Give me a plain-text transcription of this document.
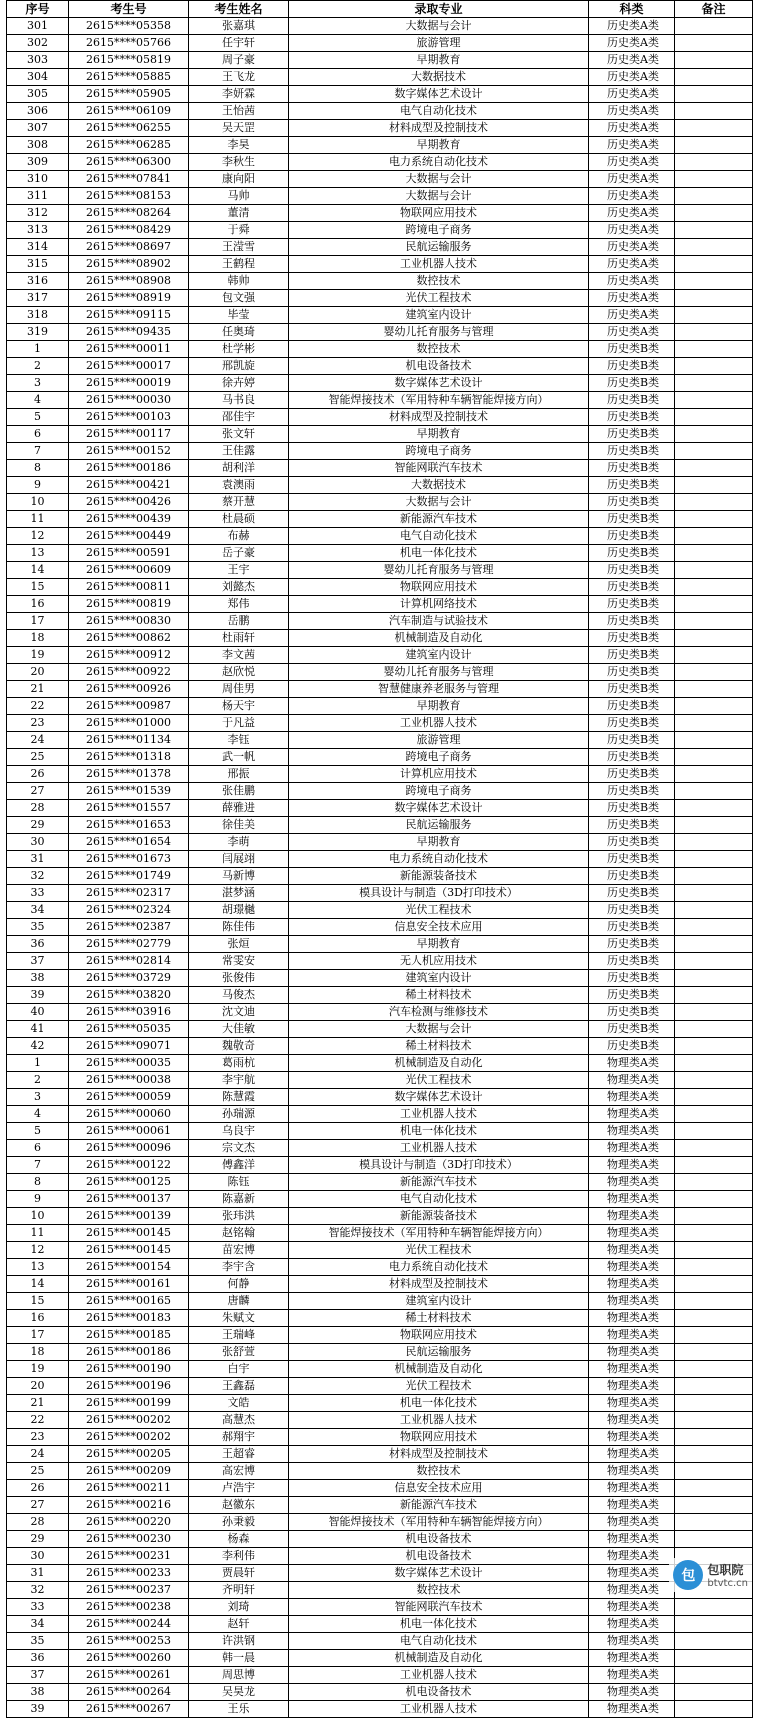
序号	考生号	考生姓名	录取专业	科类	备注
301	2615****05358	张嘉琪	大数据与会计	历史类A类	
302	2615****05766	任宇轩	旅游管理	历史类A类	
303	2615****05819	周子豪	早期教育	历史类A类	
304	2615****05885	王飞龙	大数据技术	历史类A类	
305	2615****05905	李妍霖	数字媒体艺术设计	历史类A类	
306	2615****06109	王怡茜	电气自动化技术	历史类A类	
307	2615****06255	吴天罡	材料成型及控制技术	历史类A类	
308	2615****06285	李昊	早期教育	历史类A类	
309	2615****06300	李秋生	电力系统自动化技术	历史类A类	
310	2615****07841	康向阳	大数据与会计	历史类A类	
311	2615****08153	马帅	大数据与会计	历史类A类	
312	2615****08264	董清	物联网应用技术	历史类A类	
313	2615****08429	于舜	跨境电子商务	历史类A类	
314	2615****08697	王滢雪	民航运输服务	历史类A类	
315	2615****08902	王鹤程	工业机器人技术	历史类A类	
316	2615****08908	韩帅	数控技术	历史类A类	
317	2615****08919	包文强	光伏工程技术	历史类A类	
318	2615****09115	毕莹	建筑室内设计	历史类A类	
319	2615****09435	任奥琦	婴幼儿托育服务与管理	历史类A类	
1	2615****00011	杜学彬	数控技术	历史类B类	
2	2615****00017	邢凯旋	机电设备技术	历史类B类	
3	2615****00019	徐卉婷	数字媒体艺术设计	历史类B类	
4	2615****00030	马书良	智能焊接技术（军用特种车辆智能焊接方向）	历史类B类	
5	2615****00103	邵佳宇	材料成型及控制技术	历史类B类	
6	2615****00117	张文轩	早期教育	历史类B类	
7	2615****00152	王佳露	跨境电子商务	历史类B类	
8	2615****00186	胡利洋	智能网联汽车技术	历史类B类	
9	2615****00421	袁澳雨	大数据技术	历史类B类	
10	2615****00426	蔡开慧	大数据与会计	历史类B类	
11	2615****00439	杜晨硕	新能源汽车技术	历史类B类	
12	2615****00449	布赫	电气自动化技术	历史类B类	
13	2615****00591	岳子豪	机电一体化技术	历史类B类	
14	2615****00609	王宇	婴幼儿托育服务与管理	历史类B类	
15	2615****00811	刘懿杰	物联网应用技术	历史类B类	
16	2615****00819	郑伟	计算机网络技术	历史类B类	
17	2615****00830	岳鹏	汽车制造与试验技术	历史类B类	
18	2615****00862	杜雨轩	机械制造及自动化	历史类B类	
19	2615****00912	李文茜	建筑室内设计	历史类B类	
20	2615****00922	赵欣悦	婴幼儿托育服务与管理	历史类B类	
21	2615****00926	周佳男	智慧健康养老服务与管理	历史类B类	
22	2615****00987	杨天宇	早期教育	历史类B类	
23	2615****01000	于凡益	工业机器人技术	历史类B类	
24	2615****01134	李钰	旅游管理	历史类B类	
25	2615****01318	武一帆	跨境电子商务	历史类B类	
26	2615****01378	邢振	计算机应用技术	历史类B类	
27	2615****01539	张佳鹏	跨境电子商务	历史类B类	
28	2615****01557	薛雅进	数字媒体艺术设计	历史类B类	
29	2615****01653	徐佳美	民航运输服务	历史类B类	
30	2615****01654	李萌	早期教育	历史类B类	
31	2615****01673	闫展翊	电力系统自动化技术	历史类B类	
32	2615****01749	马新博	新能源装备技术	历史类B类	
33	2615****02317	湛梦涵	模具设计与制造（3D打印技术）	历史类B类	
34	2615****02324	胡璟樾	光伏工程技术	历史类B类	
35	2615****02387	陈佳伟	信息安全技术应用	历史类B类	
36	2615****02779	张烜	早期教育	历史类B类	
37	2615****02814	常雯安	无人机应用技术	历史类B类	
38	2615****03729	张俊伟	建筑室内设计	历史类B类	
39	2615****03820	马俊杰	稀土材料技术	历史类B类	
40	2615****03916	沈文迪	汽车检测与维修技术	历史类B类	
41	2615****05035	大佳敏	大数据与会计	历史类B类	
42	2615****09071	魏敬奇	稀土材料技术	历史类B类	
1	2615****00035	葛雨杭	机械制造及自动化	物理类A类	
2	2615****00038	李宇航	光伏工程技术	物理类A类	
3	2615****00059	陈慧霞	数字媒体艺术设计	物理类A类	
4	2615****00060	孙瑞源	工业机器人技术	物理类A类	
5	2615****00061	乌良宇	机电一体化技术	物理类A类	
6	2615****00096	宗文杰	工业机器人技术	物理类A类	
7	2615****00122	傅鑫洋	模具设计与制造（3D打印技术）	物理类A类	
8	2615****00125	陈钰	新能源汽车技术	物理类A类	
9	2615****00137	陈嘉新	电气自动化技术	物理类A类	
10	2615****00139	张玮洪	新能源装备技术	物理类A类	
11	2615****00145	赵铭翰	智能焊接技术（军用特种车辆智能焊接方向）	物理类A类	
12	2615****00145	苗宏博	光伏工程技术	物理类A类	
13	2615****00154	李宇含	电力系统自动化技术	物理类A类	
14	2615****00161	何静	材料成型及控制技术	物理类A类	
15	2615****00165	唐麟	建筑室内设计	物理类A类	
16	2615****00183	朱赋文	稀土材料技术	物理类A类	
17	2615****00185	王瑞峰	物联网应用技术	物理类A类	
18	2615****00186	张舒萱	民航运输服务	物理类A类	
19	2615****00190	白宇	机械制造及自动化	物理类A类	
20	2615****00196	王鑫磊	光伏工程技术	物理类A类	
21	2615****00199	文皓	机电一体化技术	物理类A类	
22	2615****00202	高慧杰	工业机器人技术	物理类A类	
23	2615****00202	郝翔宇	物联网应用技术	物理类A类	
24	2615****00205	王超睿	材料成型及控制技术	物理类A类	
25	2615****00209	高宏博	数控技术	物理类A类	
26	2615****00211	卢浩宇	信息安全技术应用	物理类A类	
27	2615****00216	赵徽东	新能源汽车技术	物理类A类	
28	2615****00220	孙秉毅	智能焊接技术（军用特种车辆智能焊接方向）	物理类A类	
29	2615****00230	杨森	机电设备技术	物理类A类	
30	2615****00231	李利伟	机电设备技术	物理类A类	
31	2615****00233	贾晨轩	数字媒体艺术设计	物理类A类	
32	2615****00237	齐明轩	数控技术	物理类A类	
33	2615****00238	刘琦	智能网联汽车技术	物理类A类	
34	2615****00244	赵轩	机电一体化技术	物理类A类	
35	2615****00253	许洪钢	电气自动化技术	物理类A类	
36	2615****00260	韩一晨	机械制造及自动化	物理类A类	
37	2615****00261	周思博	工业机器人技术	物理类A类	
38	2615****00264	吴昊龙	机电设备技术	物理类A类	
39	2615****00267	王乐	工业机器人技术	物理类A类	
包 包职院
btvtc.cn
